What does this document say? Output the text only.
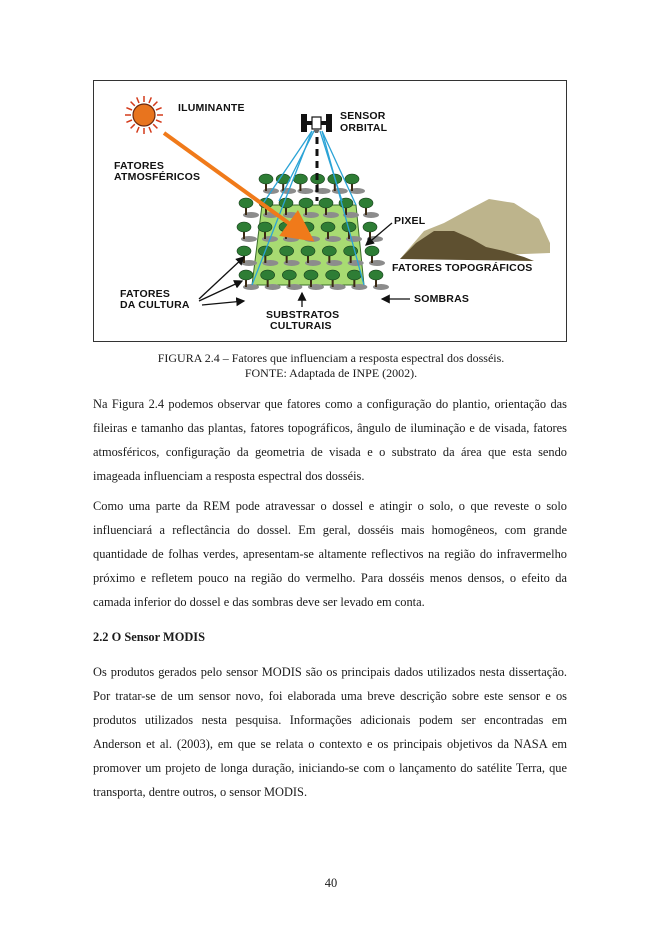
ILUMINANTE
SENSOR
ORBITAL
FATORES
ATMOSFÉRICOS
PIXEL
FATORES TOPOGRÁFICOS
FATORES
DA CULTURA	SOMBRAS
SUBSTRATOS
CULTURAIS
FIGURA 2.4 – Fatores que influenciam a resposta espectral dos dosséis.
FONTE: Adaptada de INPE (2002).

Na Figura 2.4 podemos observar que fatores como a configuração do plantio, orientação das fileiras e tamanho das plantas, fatores topográficos, ângulo de iluminação e de visada, fatores atmosféricos, configuração da geometria de visada e o substrato da área que esta sendo imageada influenciam a resposta espectral dos dosséis.

Como uma parte da REM pode atravessar o dossel e atingir o solo, o que reveste o solo influenciará a reflectância do dossel. Em geral, dosséis mais homogêneos, com grande quantidade de folhas verdes, apresentam-se altamente reflectivos na região do infravermelho próximo e refletem pouco na região do vermelho. Para dosséis menos densos, o efeito da camada inferior do dossel e das sombras deve ser levado em conta.

2.2 O Sensor MODIS

Os produtos gerados pelo sensor MODIS são os principais dados utilizados nesta dissertação. Por tratar-se de um sensor novo, foi elaborada uma breve descrição sobre este sensor e os produtos utilizados nesta pesquisa. Informações adicionais podem ser encontradas em Anderson et al. (2003), em que se relata o contexto e os principais objetivos da NASA em promover um projeto de longa duração, iniciando-se com o lançamento do satélite Terra, que transporta, dentre outros, o sensor MODIS.

40
